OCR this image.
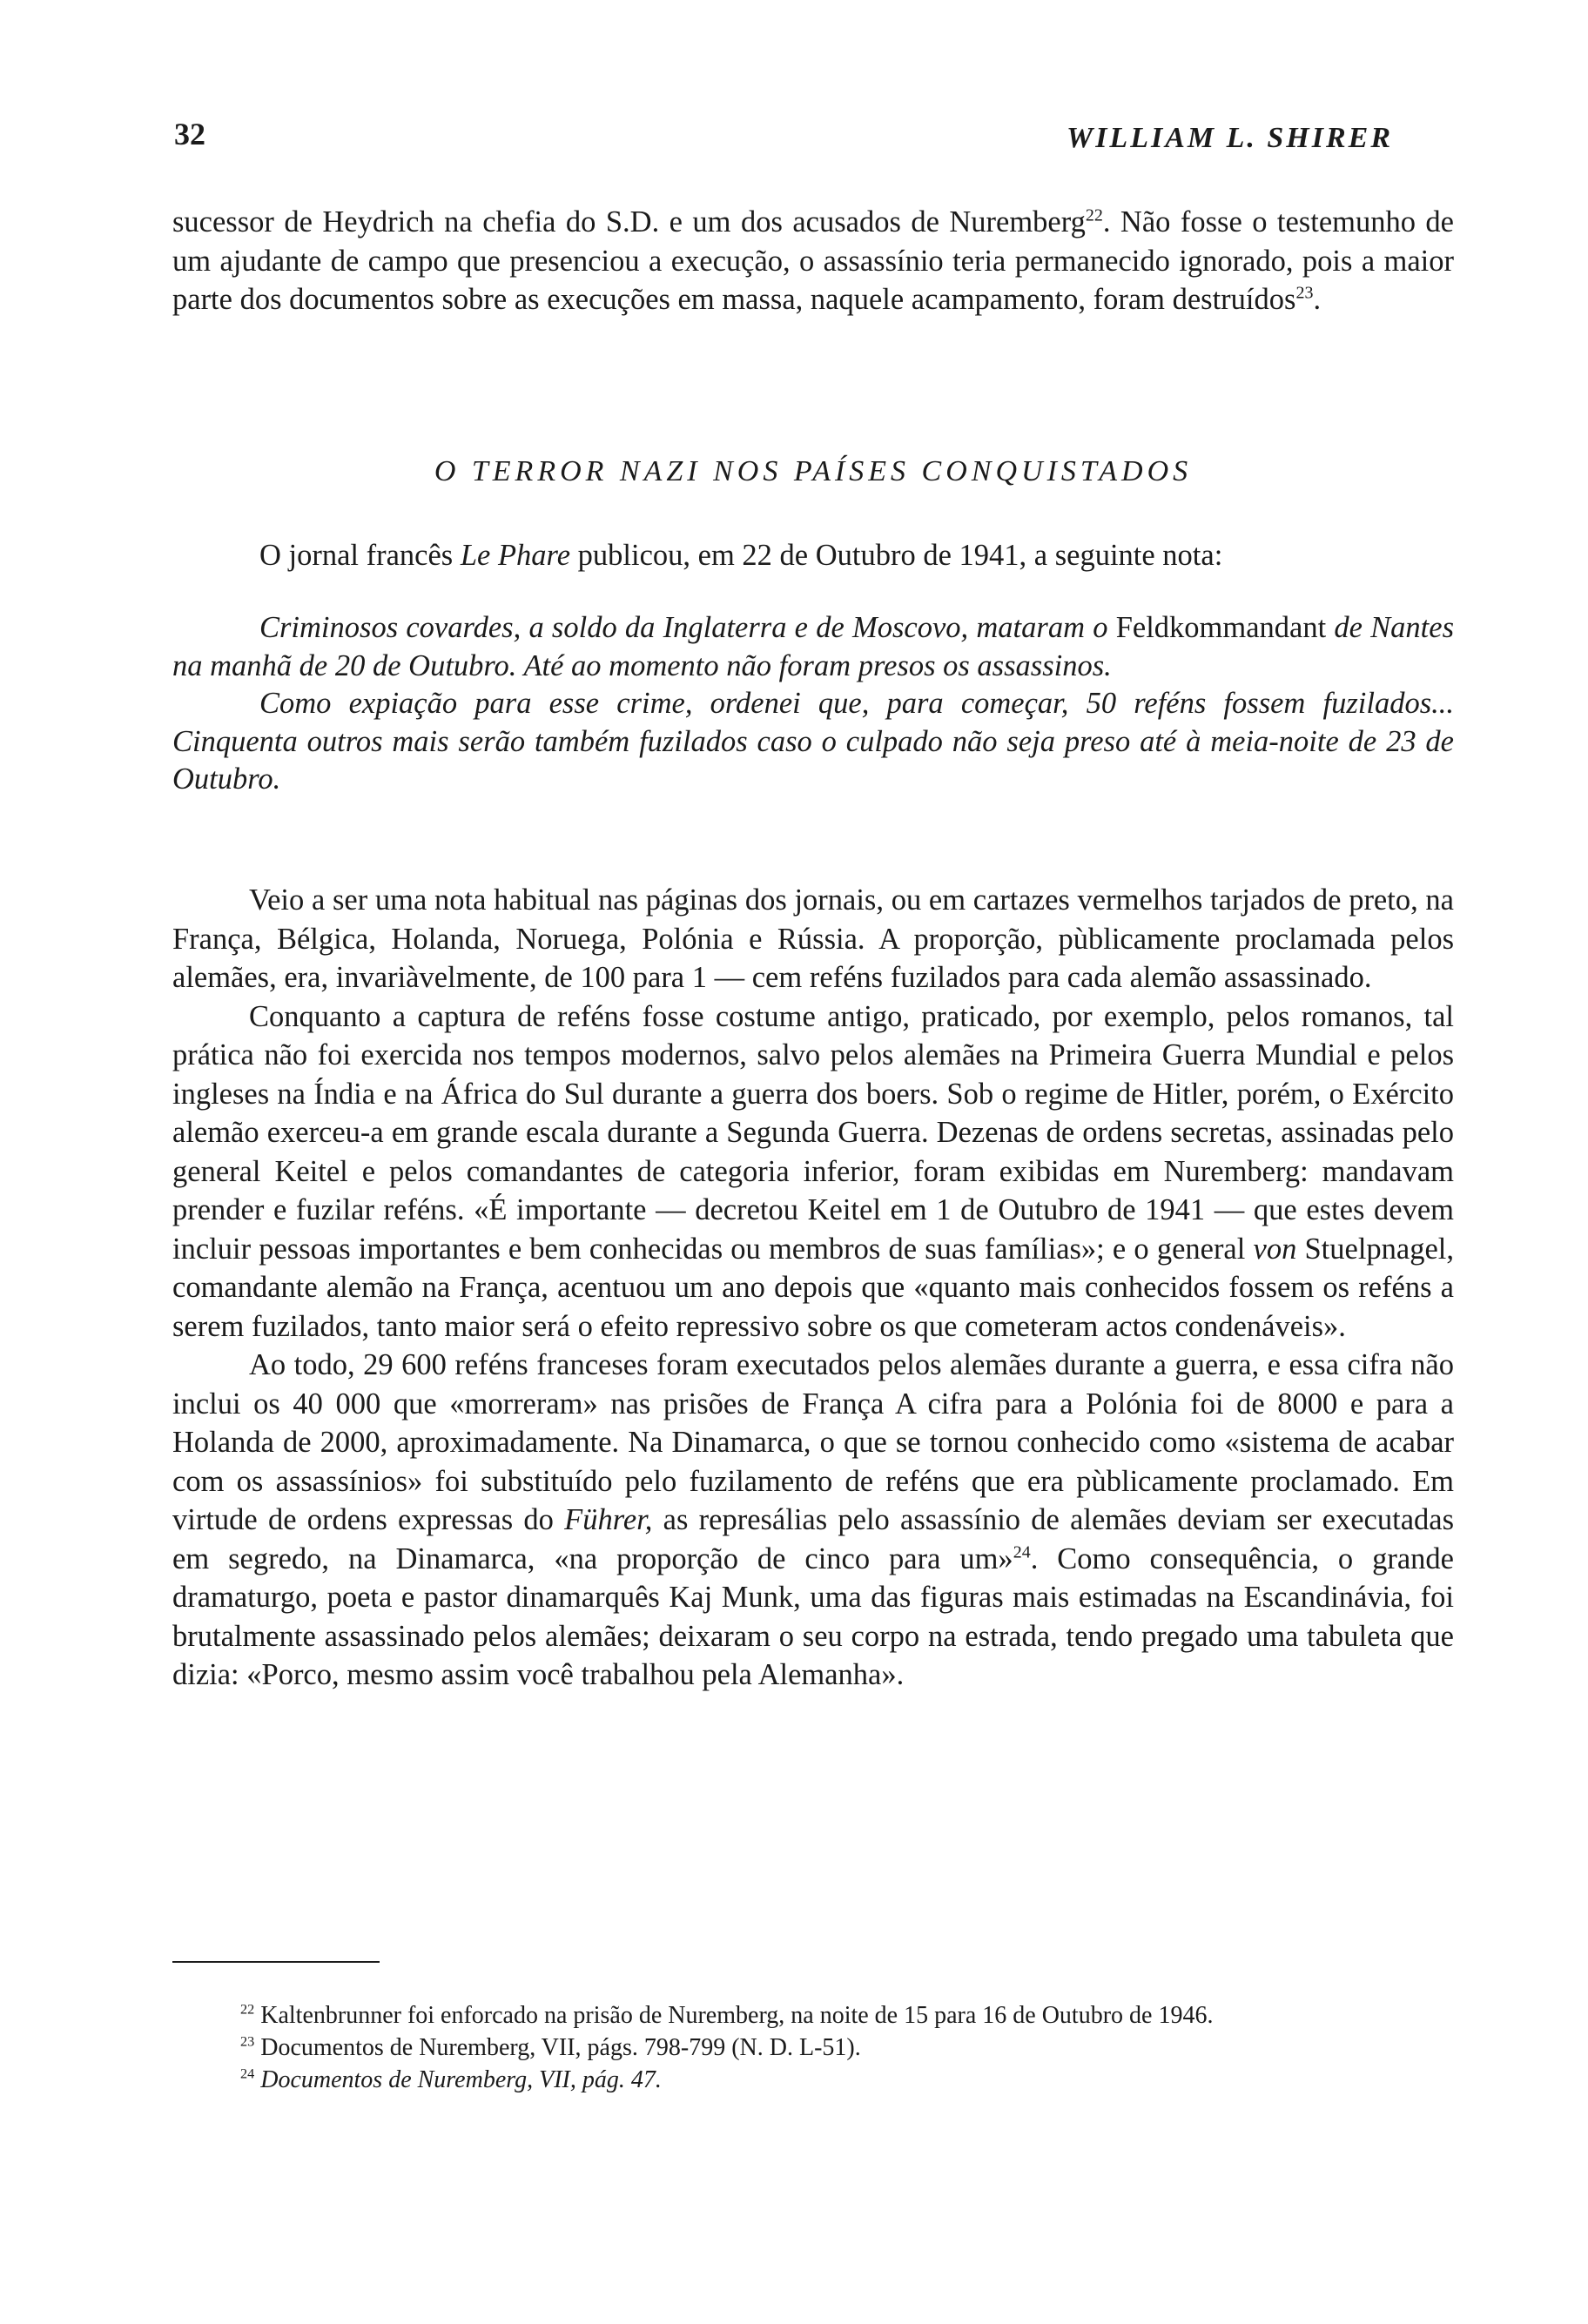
32	WILLIAM L. SHIRER

sucessor de Heydrich na chefia do S.D. e um dos acusados de Nuremberg$^{22}$. Não fosse o testemunho de um ajudante de campo que presenciou a execução, o assassínio teria permanecido ignorado, pois a maior parte dos documentos sobre as execuções em massa, naquele acampamento, foram destruídos$^{23}$.

O TERROR NAZI NOS PAÍSES CONQUISTADOS
O jornal francês Le Phare publicou, em 22 de Outubro de 1941, a seguinte nota:

Criminosos covardes, a soldo da Inglaterra e de Moscovo, mataram o Feldkommandant de Nantes na manhã de 20 de Outubro. Até ao momento não foram presos os assassinos.

Como expiação para esse crime, ordenei que, para começar, 50 reféns fossem fuzilados... Cinquenta outros mais serão também fuzilados caso o culpado não seja preso até à meia-noite de 23 de Outubro.

Veio a ser uma nota habitual nas páginas dos jornais, ou em cartazes vermelhos tarjados de preto, na França, Bélgica, Holanda, Noruega, Polónia e Rússia. A proporção, pùblicamente proclamada pelos alemães, era, invariàvelmente, de 100 para 1 — cem reféns fuzilados para cada alemão assassinado.

Conquanto a captura de reféns fosse costume antigo, praticado, por exemplo, pelos romanos, tal prática não foi exercida nos tempos modernos, salvo pelos alemães na Primeira Guerra Mundial e pelos ingleses na Índia e na África do Sul durante a guerra dos boers. Sob o regime de Hitler, porém, o Exército alemão exerceu-a em grande escala durante a Segunda Guerra. Dezenas de ordens secretas, assinadas pelo general Keitel e pelos comandantes de categoria inferior, foram exibidas em Nuremberg: mandavam prender e fuzilar reféns. «É importante — decretou Keitel em 1 de Outubro de 1941 — que estes devem incluir pessoas importantes e bem conhecidas ou membros de suas famílias»; e o general von Stuelpnagel, comandante alemão na França, acentuou um ano depois que «quanto mais conhecidos fossem os reféns a serem fuzilados, tanto maior será o efeito repressivo sobre os que cometeram actos condenáveis».

Ao todo, 29 600 reféns franceses foram executados pelos alemães durante a guerra, e essa cifra não inclui os 40 000 que «morreram» nas prisões de França A cifra para a Polónia foi de 8000 e para a Holanda de 2000, aproximadamente. Na Dinamarca, o que se tornou conhecido como «sistema de acabar com os assassínios» foi substituído pelo fuzilamento de reféns que era pùblicamente proclamado. Em virtude de ordens expressas do Führer, as represálias pelo assassínio de alemães deviam ser executadas em segredo, na Dinamarca, «na proporção de cinco para um»$^{24}$. Como consequência, o grande dramaturgo, poeta e pastor dinamarquês Kaj Munk, uma das figuras mais estimadas na Escandinávia, foi brutalmente assassinado pelos alemães; deixaram o seu corpo na estrada, tendo pregado uma tabuleta que dizia: «Porco, mesmo assim você trabalhou pela Alemanha».

$^{22}$ Kaltenbrunner foi enforcado na prisão de Nuremberg, na noite de 15 para 16 de Outubro de 1946.

$^{23}$ Documentos de Nuremberg, VII, págs. 798-799 (N. D. L-51).

$^{24}$ Documentos de Nuremberg, VII, pág. 47.
